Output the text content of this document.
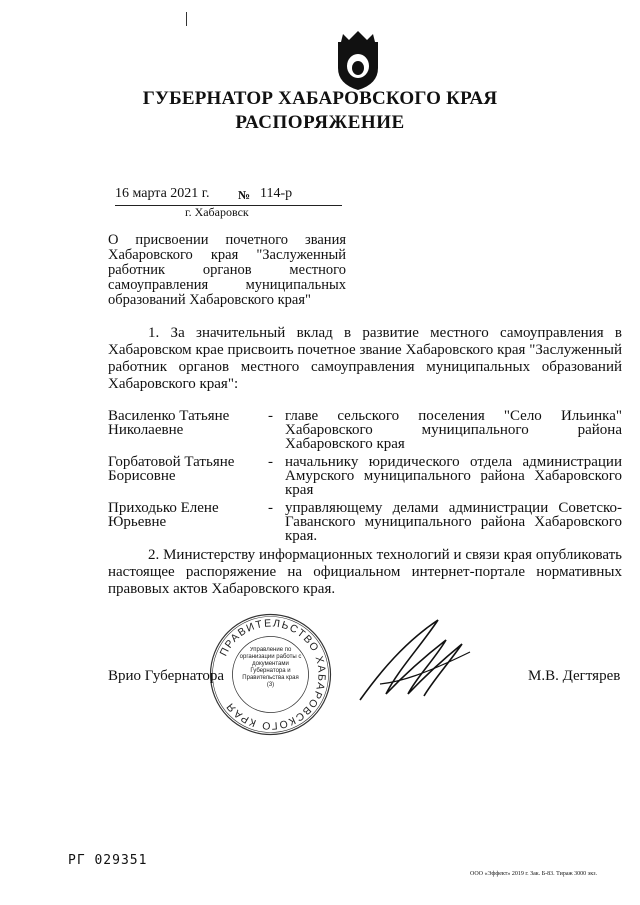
ГУБЕРНАТОР ХАБАРОВСКОГО КРАЯ
РАСПОРЯЖЕНИЕ
16 марта 2021 г. № 114-р
г. Хабаровск
О присвоении почетного звания Хабаровского края "Заслуженный работник органов местного самоуправления муниципальных образований Хабаровского края"
1. За значительный вклад в развитие местного самоуправления в Хабаровском крае присвоить почетное звание Хабаровского края "Заслуженный работник органов местного самоуправления муниципальных образований Хабаровского края":
Василенко Татьяне Николаевне
- главе сельского поселения "Село Ильинка" Хабаровского муниципального района Хабаровского края
Горбатовой Татьяне Борисовне
- начальнику юридического отдела администрации Амурского муниципального района Хабаровского края
Приходько Елене Юрьевне
- управляющему делами администрации Советско-Гаванского муниципального района Хабаровского края.
2. Министерству информационных технологий и связи края опубликовать настоящее распоряжение на официальном интернет-портале нормативных правовых актов Хабаровского края.
ПРАВИТЕЛЬСТВО ХАБАРОВСКОГО КРАЯ
Управление по организации работы с документами Губернатора и Правительства края (3)
Врио Губернатора	М.В. Дегтярев
РГ 029351
ООО «Эффект» 2019 г. Зак. Б-83. Тираж 3000 экз.
